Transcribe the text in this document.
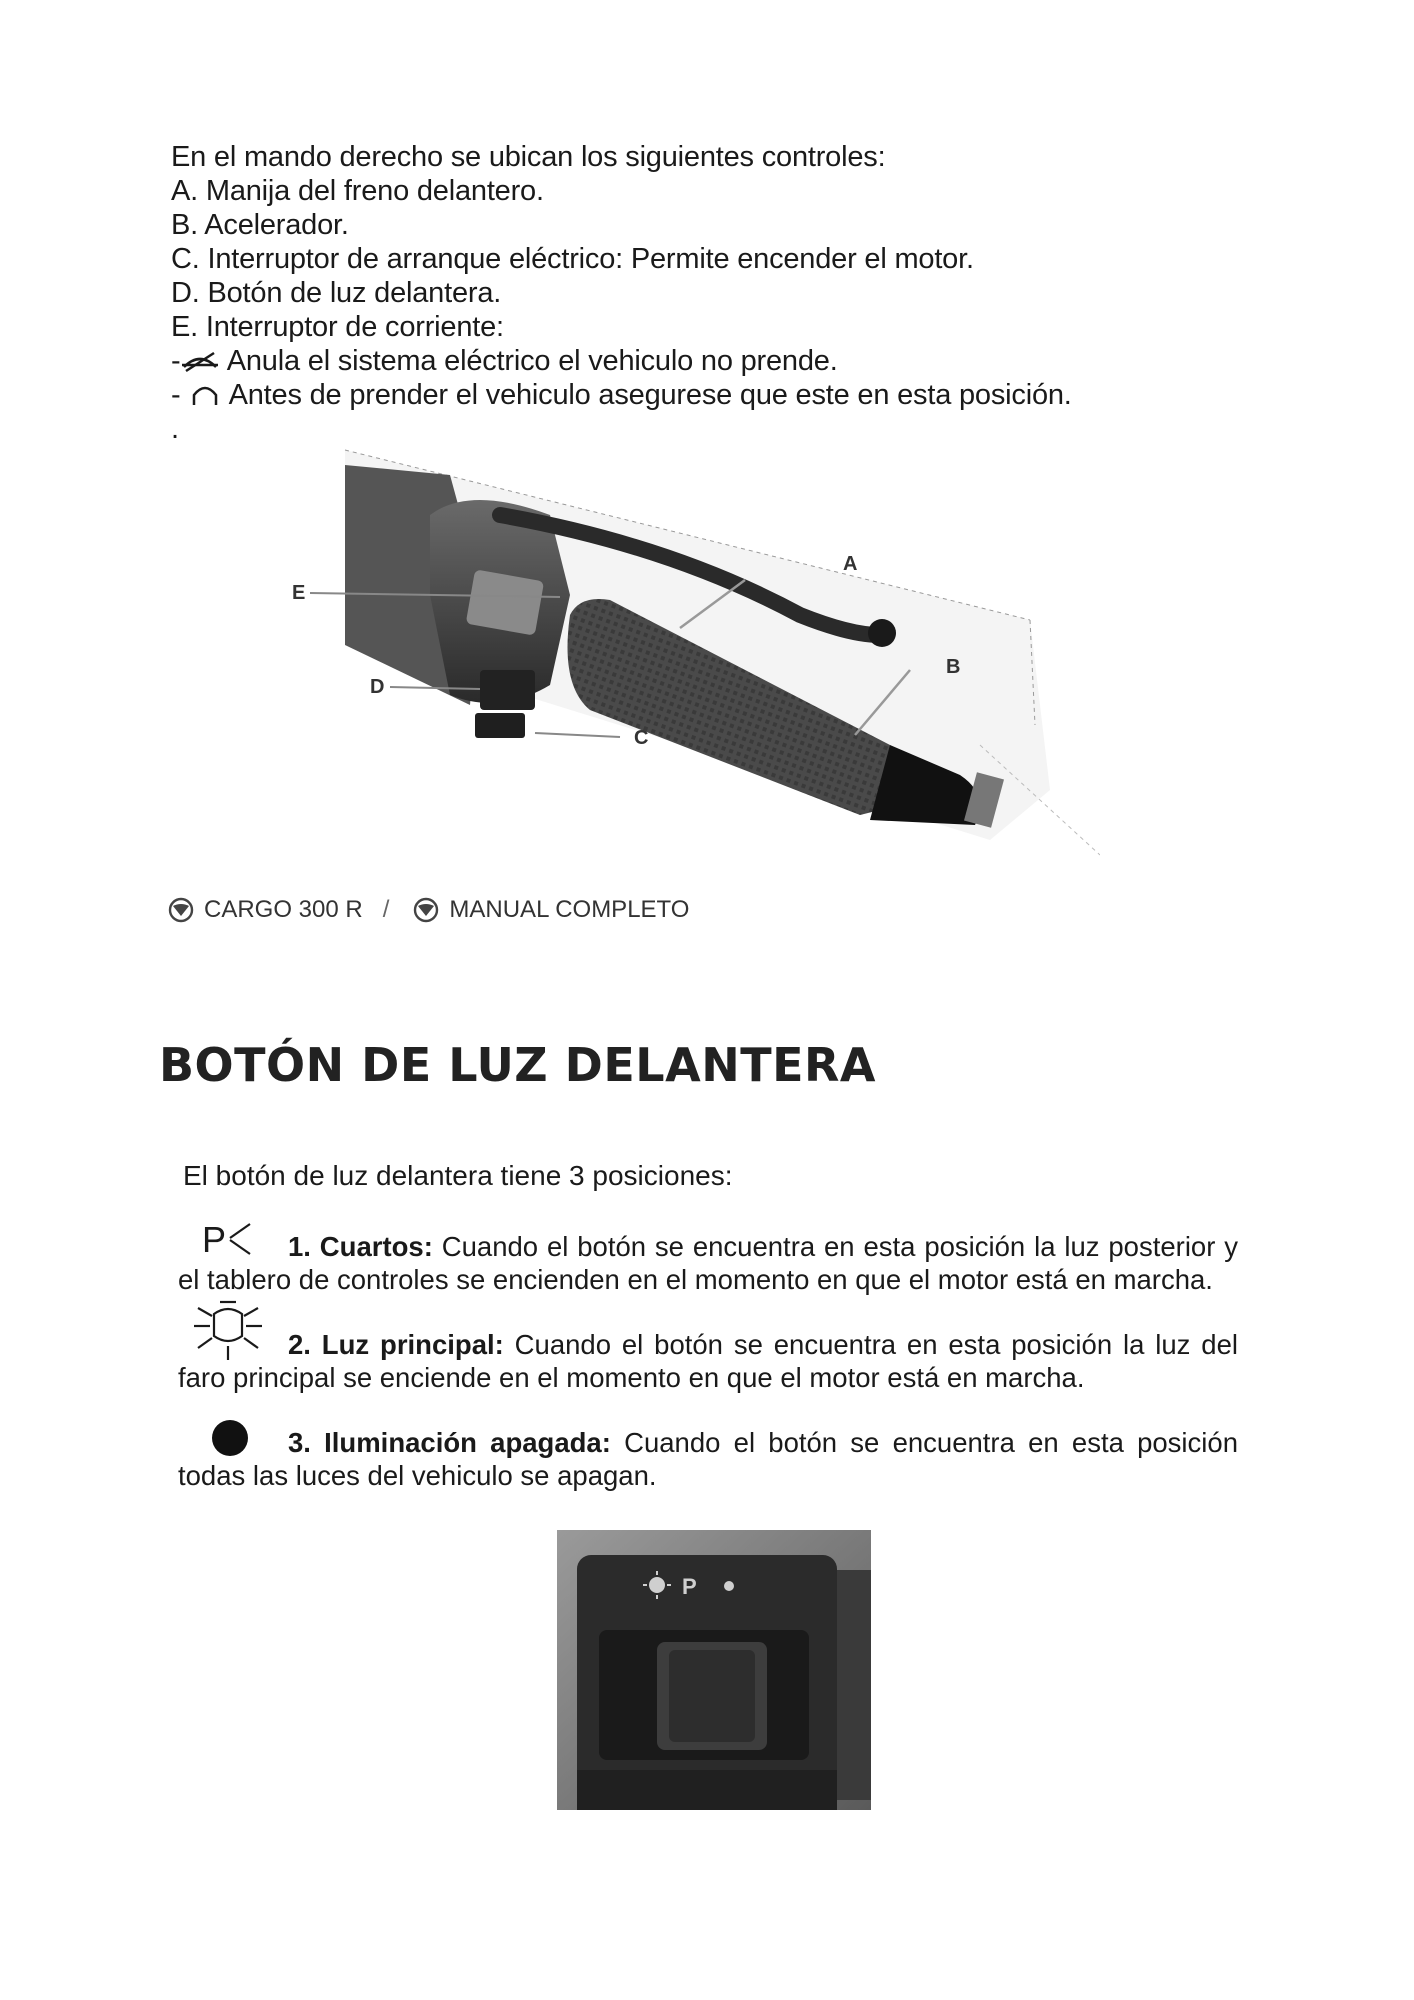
En el mando derecho se ubican los siguientes controles:
A. Manija del freno delantero.
B. Acelerador.
C. Interruptor de arranque eléctrico: Permite encender el motor.
D. Botón de luz delantera.
E. Interruptor de corriente:
- Anula el sistema eléctrico el vehiculo no prende.
-  Antes de prender el vehiculo asegurese que este en esta posición.
.
E
D
C
A
B
CARGO 300 R /	MANUAL COMPLETO
BOTÓN DE LUZ DELANTERA
El botón de luz delantera tiene 3 posiciones:
P	1. Cuartos: Cuando el botón se encuentra en esta posición la luz posterior y el tablero de controles se encienden en el momento en que el motor está en marcha.
2. Luz principal: Cuando el botón se encuentra en esta posición la luz del faro principal se enciende en el momento en que el motor está en marcha.
3. Iluminación apagada: Cuando el botón se encuentra en esta posición todas las luces del vehiculo se apagan.
P
